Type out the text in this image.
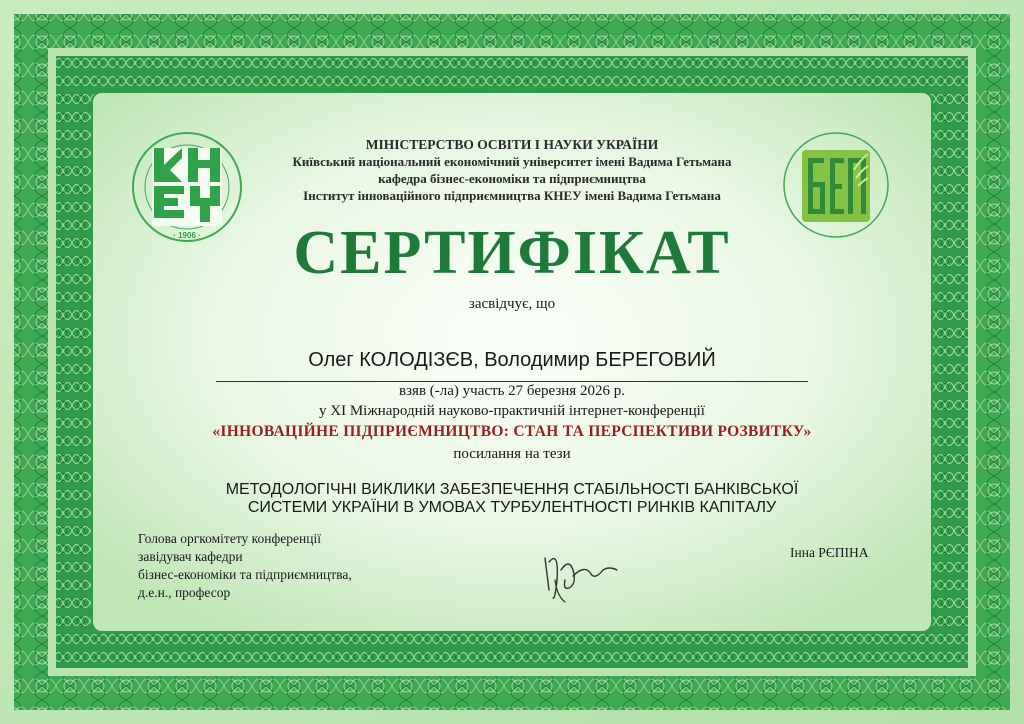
· 1906 ·
МІНІСТЕРСТВО ОСВІТИ І НАУКИ УКРАЇНИ
Київський національний економічний університет імені Вадима Гетьмана
кафедра бізнес-економіки та підприємництва
Інститут інноваційного підприємництва КНЕУ імені Вадима Гетьмана
СЕРТИФІКАТ
засвідчує, що
Олег КОЛОДІЗЄВ, Володимир БЕРЕГОВИЙ
взяв (-ла) участь 27 березня 2026 р.
у ХІ Міжнародній науково-практичній інтернет-конференції
«ІННОВАЦІЙНЕ ПІДПРИЄМНИЦТВО: СТАН ТА ПЕРСПЕКТИВИ РОЗВИТКУ»
посилання на тези
МЕТОДОЛОГІЧНІ ВИКЛИКИ ЗАБЕЗПЕЧЕННЯ СТАБІЛЬНОСТІ БАНКІВСЬКОЇ
СИСТЕМИ УКРАЇНИ В УМОВАХ ТУРБУЛЕНТНОСТІ РИНКІВ КАПІТАЛУ
Голова оргкомітету конференції
завідувач кафедри
бізнес-економіки та підприємництва,
д.е.н., професор
Інна РЄПІНА
